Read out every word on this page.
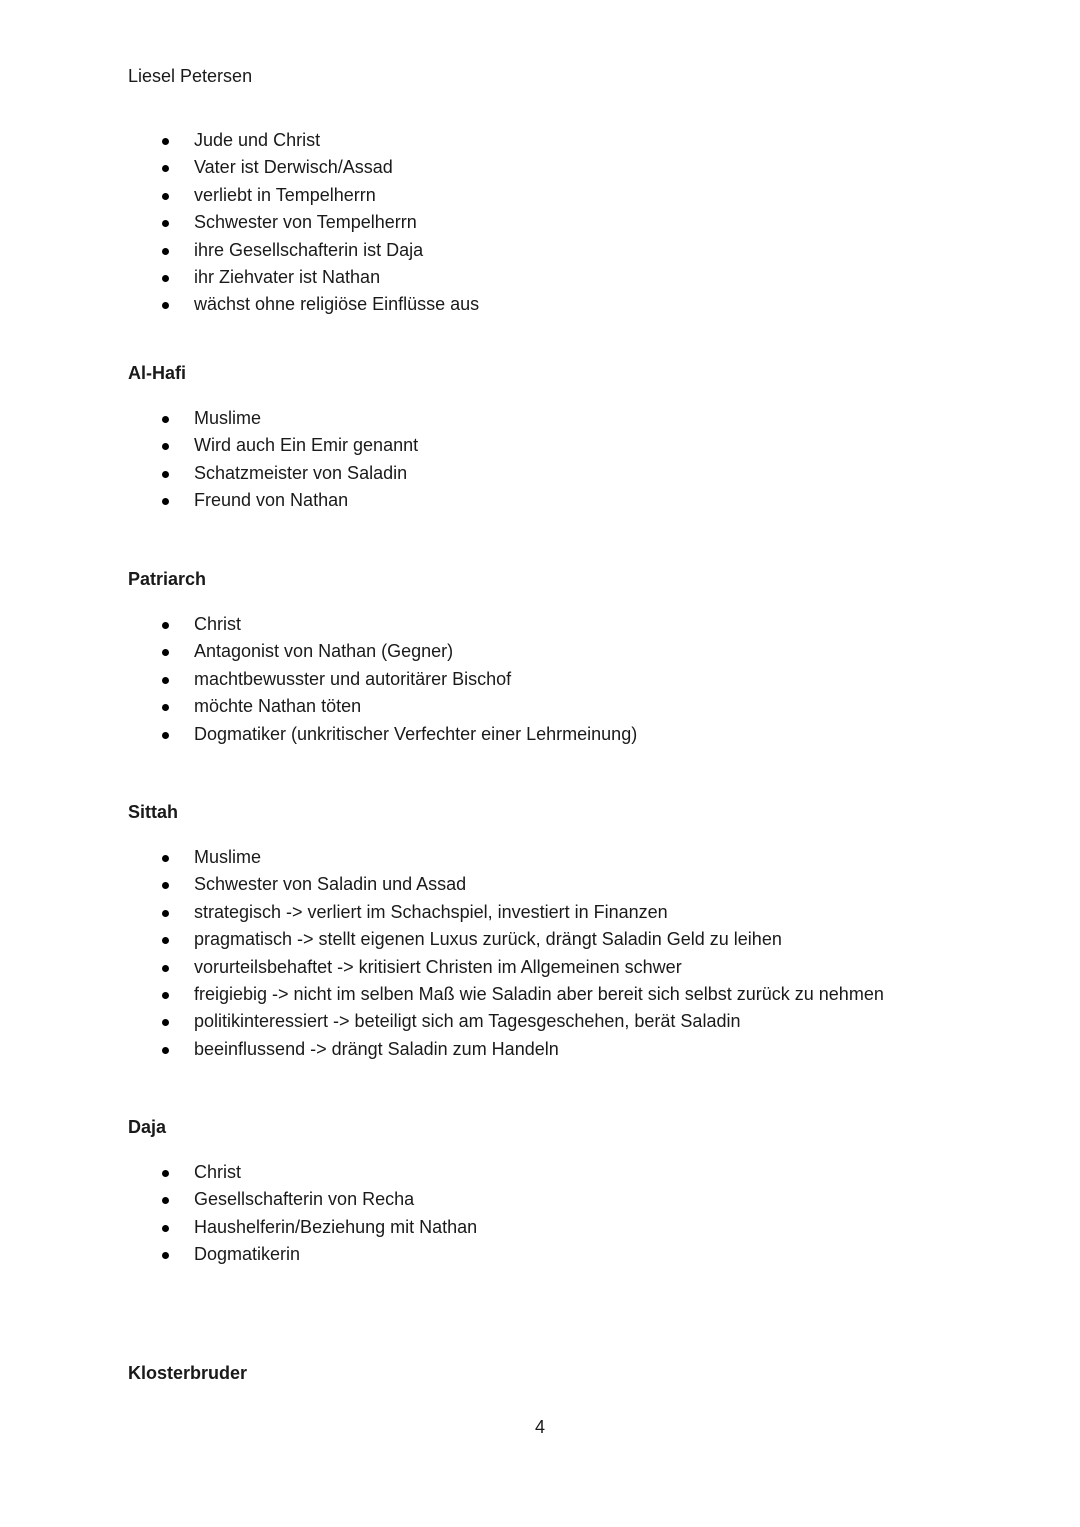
Liesel Petersen
Jude und Christ
Vater ist Derwisch/Assad
verliebt in Tempelherrn
Schwester von Tempelherrn
ihre Gesellschafterin ist Daja
ihr Ziehvater ist Nathan
wächst ohne religiöse Einflüsse aus
Al-Hafi
Muslime
Wird auch Ein Emir genannt
Schatzmeister von Saladin
Freund von Nathan
Patriarch
Christ
Antagonist von Nathan (Gegner)
machtbewusster und autoritärer Bischof
möchte Nathan töten
Dogmatiker (unkritischer Verfechter einer Lehrmeinung)
Sittah
Muslime
Schwester von Saladin und Assad
strategisch -> verliert im Schachspiel, investiert in Finanzen
pragmatisch -> stellt eigenen Luxus zurück, drängt Saladin Geld zu leihen
vorurteilsbehaftet -> kritisiert Christen im Allgemeinen schwer
freigiebig -> nicht im selben Maß wie Saladin aber bereit sich selbst zurück zu nehmen
politikinteressiert -> beteiligt sich am Tagesgeschehen, berät Saladin
beeinflussend -> drängt Saladin zum Handeln
Daja
Christ
Gesellschafterin von Recha
Haushelferin/Beziehung mit Nathan
Dogmatikerin
Klosterbruder
4
